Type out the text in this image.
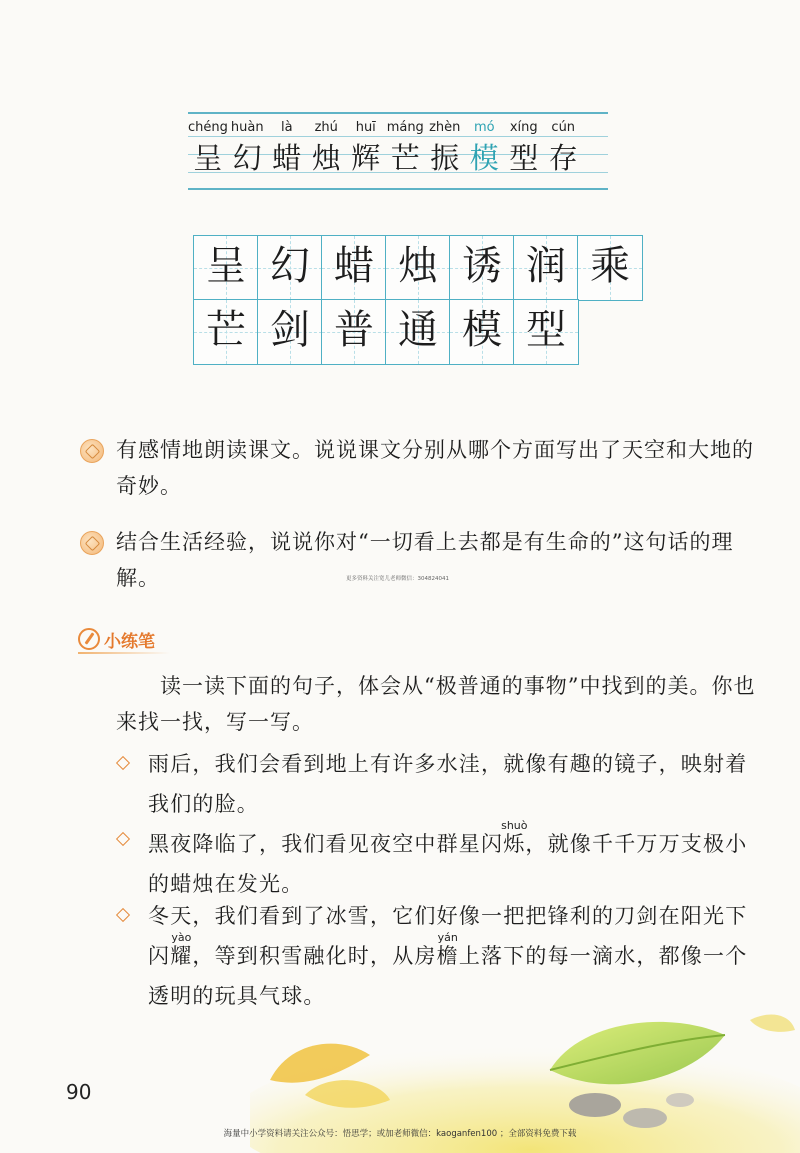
chéng
呈
huàn
幻
là
蜡
zhú
烛
huī
辉
máng
芒
zhèn
振
mó
模
xíng
型
cún
存
呈 幻 蜡 烛 诱 润 乘
芒 剑 普 通 模 型
有感情地朗读课文。说说课文分别从哪个方面写出了天空和大地的奇妙。
结合生活经验，说说你对“一切看上去都是有生命的”这句话的理解。	更多资料关注宽儿老师微信：304824041
小练笔
读一读下面的句子，体会从“极普通的事物”中找到的美。你也来找一找，写一写。
雨后，我们会看到地上有许多水洼，就像有趣的镜子，映射着我们的脸。
黑夜降临了，我们看见夜空中群星闪烁shuò，就像千千万万支极小的蜡烛在发光。
冬天，我们看到了冰雪，它们好像一把把锋利的刀剑在阳光下闪耀yào，等到积雪融化时，从房檐yán上落下的每一滴水，都像一个透明的玩具气球。
90
海量中小学资料请关注公众号：悟思学；或加老师微信：kaoganfen100 ；全部资料免费下载
